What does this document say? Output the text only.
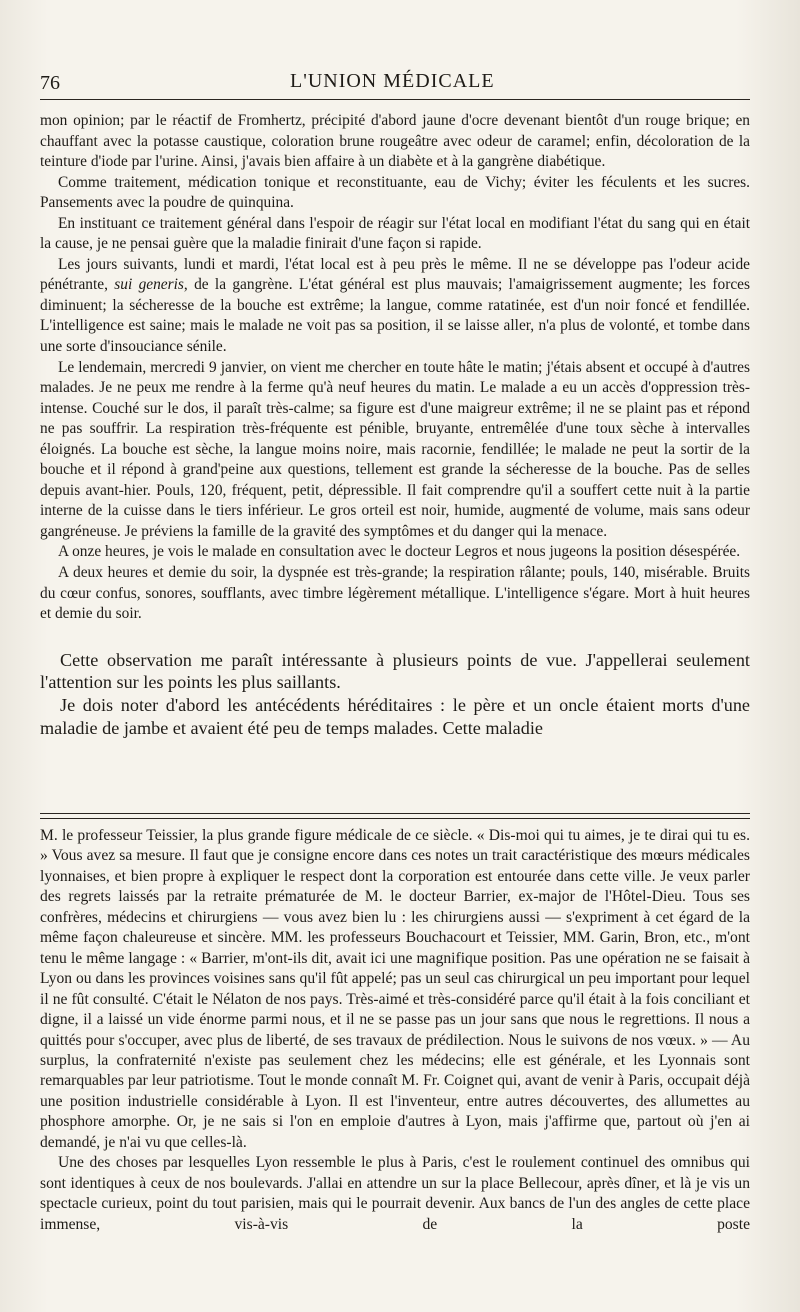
76	L'UNION MÉDICALE

mon opinion; par le réactif de Fromhertz, précipité d'abord jaune d'ocre devenant bientôt d'un rouge brique; en chauffant avec la potasse caustique, coloration brune rougeâtre avec odeur de caramel; enfin, décoloration de la teinture d'iode par l'urine. Ainsi, j'avais bien affaire à un diabète et à la gangrène diabétique.

Comme traitement, médication tonique et reconstituante, eau de Vichy; éviter les féculents et les sucres. Pansements avec la poudre de quinquina.

En instituant ce traitement général dans l'espoir de réagir sur l'état local en modifiant l'état du sang qui en était la cause, je ne pensai guère que la maladie finirait d'une façon si rapide.

Les jours suivants, lundi et mardi, l'état local est à peu près le même. Il ne se développe pas l'odeur acide pénétrante, sui generis, de la gangrène. L'état général est plus mauvais; l'amaigrissement augmente; les forces diminuent; la sécheresse de la bouche est extrême; la langue, comme ratatinée, est d'un noir foncé et fendillée. L'intelligence est saine; mais le malade ne voit pas sa position, il se laisse aller, n'a plus de volonté, et tombe dans une sorte d'insouciance sénile.

Le lendemain, mercredi 9 janvier, on vient me chercher en toute hâte le matin; j'étais absent et occupé à d'autres malades. Je ne peux me rendre à la ferme qu'à neuf heures du matin. Le malade a eu un accès d'oppression très-intense. Couché sur le dos, il paraît très-calme; sa figure est d'une maigreur extrême; il ne se plaint pas et répond ne pas souffrir. La respiration très-fréquente est pénible, bruyante, entremêlée d'une toux sèche à intervalles éloignés. La bouche est sèche, la langue moins noire, mais racornie, fendillée; le malade ne peut la sortir de la bouche et il répond à grand'peine aux questions, tellement est grande la sécheresse de la bouche. Pas de selles depuis avant-hier. Pouls, 120, fréquent, petit, dépressible. Il fait comprendre qu'il a souffert cette nuit à la partie interne de la cuisse dans le tiers inférieur. Le gros orteil est noir, humide, augmenté de volume, mais sans odeur gangréneuse. Je préviens la famille de la gravité des symptômes et du danger qui la menace.

A onze heures, je vois le malade en consultation avec le docteur Legros et nous jugeons la position désespérée.

A deux heures et demie du soir, la dyspnée est très-grande; la respiration râlante; pouls, 140, misérable. Bruits du cœur confus, sonores, soufflants, avec timbre légèrement métallique. L'intelligence s'égare. Mort à huit heures et demie du soir.

Cette observation me paraît intéressante à plusieurs points de vue. J'appellerai seulement l'attention sur les points les plus saillants.

Je dois noter d'abord les antécédents héréditaires : le père et un oncle étaient morts d'une maladie de jambe et avaient été peu de temps malades. Cette maladie

M. le professeur Teissier, la plus grande figure médicale de ce siècle. « Dis-moi qui tu aimes, je te dirai qui tu es. » Vous avez sa mesure. Il faut que je consigne encore dans ces notes un trait caractéristique des mœurs médicales lyonnaises, et bien propre à expliquer le respect dont la corporation est entourée dans cette ville. Je veux parler des regrets laissés par la retraite prématurée de M. le docteur Barrier, ex-major de l'Hôtel-Dieu. Tous ses confrères, médecins et chirurgiens — vous avez bien lu : les chirurgiens aussi — s'expriment à cet égard de la même façon chaleureuse et sincère. MM. les professeurs Bouchacourt et Teissier, MM. Garin, Bron, etc., m'ont tenu le même langage : « Barrier, m'ont-ils dit, avait ici une magnifique position. Pas une opération ne se faisait à Lyon ou dans les provinces voisines sans qu'il fût appelé; pas un seul cas chirurgical un peu important pour lequel il ne fût consulté. C'était le Nélaton de nos pays. Très-aimé et très-considéré parce qu'il était à la fois conciliant et digne, il a laissé un vide énorme parmi nous, et il ne se passe pas un jour sans que nous le regrettions. Il nous a quittés pour s'occuper, avec plus de liberté, de ses travaux de prédilection. Nous le suivons de nos vœux. » — Au surplus, la confraternité n'existe pas seulement chez les médecins; elle est générale, et les Lyonnais sont remarquables par leur patriotisme. Tout le monde connaît M. Fr. Coignet qui, avant de venir à Paris, occupait déjà une position industrielle considérable à Lyon. Il est l'inventeur, entre autres découvertes, des allumettes au phosphore amorphe. Or, je ne sais si l'on en emploie d'autres à Lyon, mais j'affirme que, partout où j'en ai demandé, je n'ai vu que celles-là.

Une des choses par lesquelles Lyon ressemble le plus à Paris, c'est le roulement continuel des omnibus qui sont identiques à ceux de nos boulevards. J'allai en attendre un sur la place Bellecour, après dîner, et là je vis un spectacle curieux, point du tout parisien, mais qui le pourrait devenir. Aux bancs de l'un des angles de cette place immense, vis-à-vis de la poste
